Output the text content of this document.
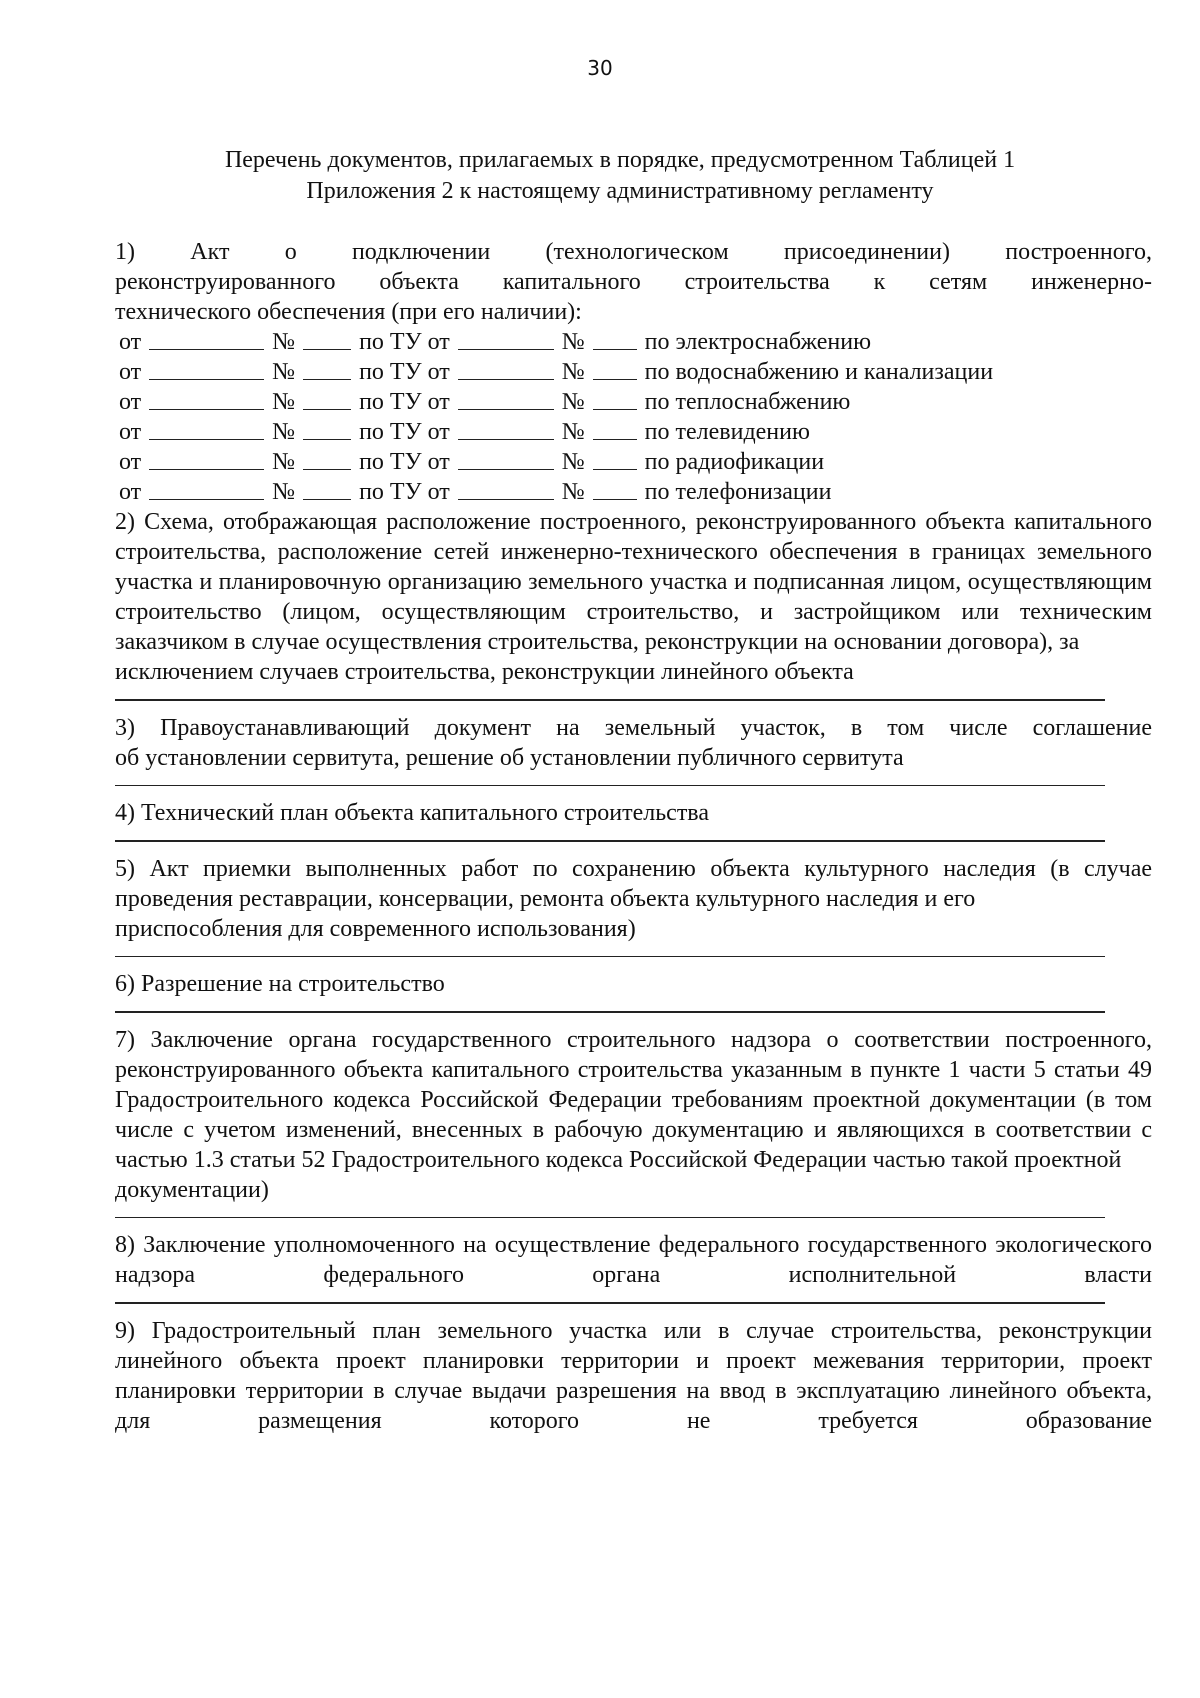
30
Перечень документов, прилагаемых в порядке, предусмотренном Таблицей 1
Приложения 2 к настоящему административному регламенту

1) Акт о подключении (технологическом присоединении) построенного,

реконструированного объекта капитального строительства к сетям инженерно-

технического обеспечения (при его наличии):

от	№	по ТУ от	№	по электроснабжению
от	№	по ТУ от	№	по водоснабжению и канализации
от	№	по ТУ от	№	по теплоснабжению
от	№	по ТУ от	№	по телевидению
от	№	по ТУ от	№	по радиофикации
от	№	по ТУ от	№	по телефонизации

2) Схема, отображающая расположение построенного, реконструированного объекта капитального строительства, расположение сетей инженерно-технического обеспечения в границах земельного участка и планировочную организацию земельного участка и подписанная лицом, осуществляющим строительство (лицом, осуществляющим строительство, и застройщиком или техническим заказчиком в случае осуществления строительства, реконструкции на основании договора), за

исключением случаев строительства, реконструкции линейного объекта

3) Правоустанавливающий документ на земельный участок, в том числе соглашение

об установлении сервитута, решение об установлении публичного сервитута

4) Технический план объекта капитального строительства

5) Акт приемки выполненных работ по сохранению объекта культурного наследия (в случае проведения реставрации, консервации, ремонта объекта культурного наследия и его

приспособления для современного использования)

6) Разрешение на строительство

7) Заключение органа государственного строительного надзора о соответствии построенного, реконструированного объекта капитального строительства указанным в пункте 1 части 5 статьи 49 Градостроительного кодекса Российской Федерации требованиям проектной документации (в том числе с учетом изменений, внесенных в рабочую документацию и являющихся в соответствии с частью 1.3 статьи 52 Градостроительного кодекса Российской Федерации частью такой проектной

документации)

8) Заключение уполномоченного на осуществление федерального государственного экологического надзора федерального органа исполнительной власти

9) Градостроительный план земельного участка или в случае строительства, реконструкции линейного объекта проект планировки территории и проект межевания территории, проект планировки территории в случае выдачи разрешения на ввод в эксплуатацию линейного объекта, для размещения которого не требуется образование
